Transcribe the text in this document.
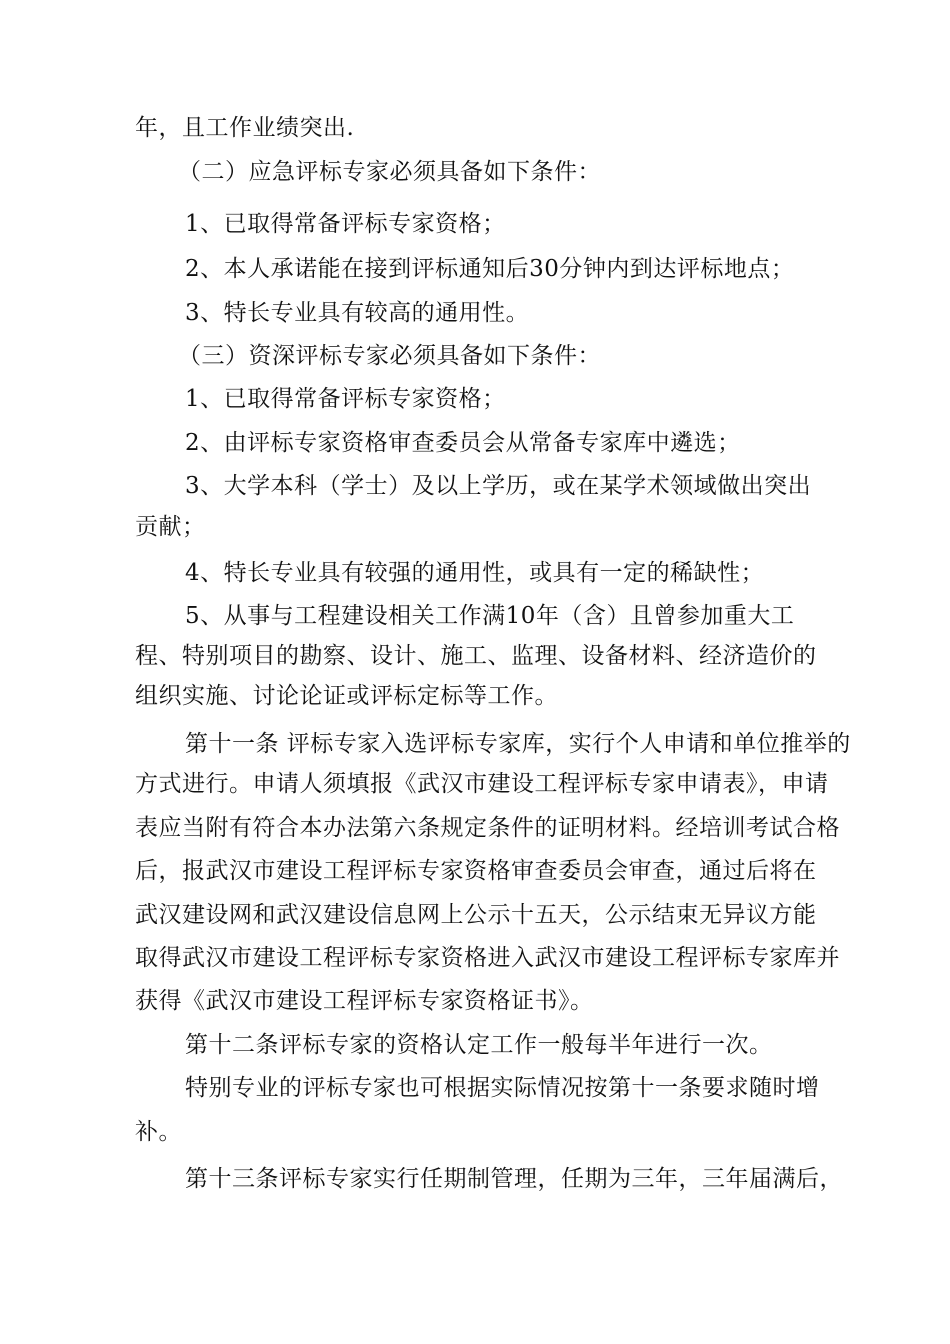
年，且工作业绩突出.
（二）应急评标专家必须具备如下条件：
1、已取得常备评标专家资格；
2、本人承诺能在接到评标通知后30分钟内到达评标地点；
3、特长专业具有较高的通用性。
（三）资深评标专家必须具备如下条件：
1、已取得常备评标专家资格；
2、由评标专家资格审查委员会从常备专家库中遴选；
3、大学本科（学士）及以上学历，或在某学术领域做出突出
贡献；
4、特长专业具有较强的通用性，或具有一定的稀缺性；
5、从事与工程建设相关工作满10年（含）且曾参加重大工
程、特别项目的勘察、设计、施工、监理、设备材料、经济造价的
组织实施、讨论论证或评标定标等工作。
第十一条 评标专家入选评标专家库，实行个人申请和单位推举的
方式进行。申请人须填报《武汉市建设工程评标专家申请表》，申请
表应当附有符合本办法第六条规定条件的证明材料。经培训考试合格
后，报武汉市建设工程评标专家资格审查委员会审查，通过后将在
武汉建设网和武汉建设信息网上公示十五天，公示结束无异议方能
取得武汉市建设工程评标专家资格进入武汉市建设工程评标专家库并
获得《武汉市建设工程评标专家资格证书》。
第十二条评标专家的资格认定工作一般每半年进行一次。
特别专业的评标专家也可根据实际情况按第十一条要求随时增
补。
第十三条评标专家实行任期制管理，任期为三年，三年届满后，
